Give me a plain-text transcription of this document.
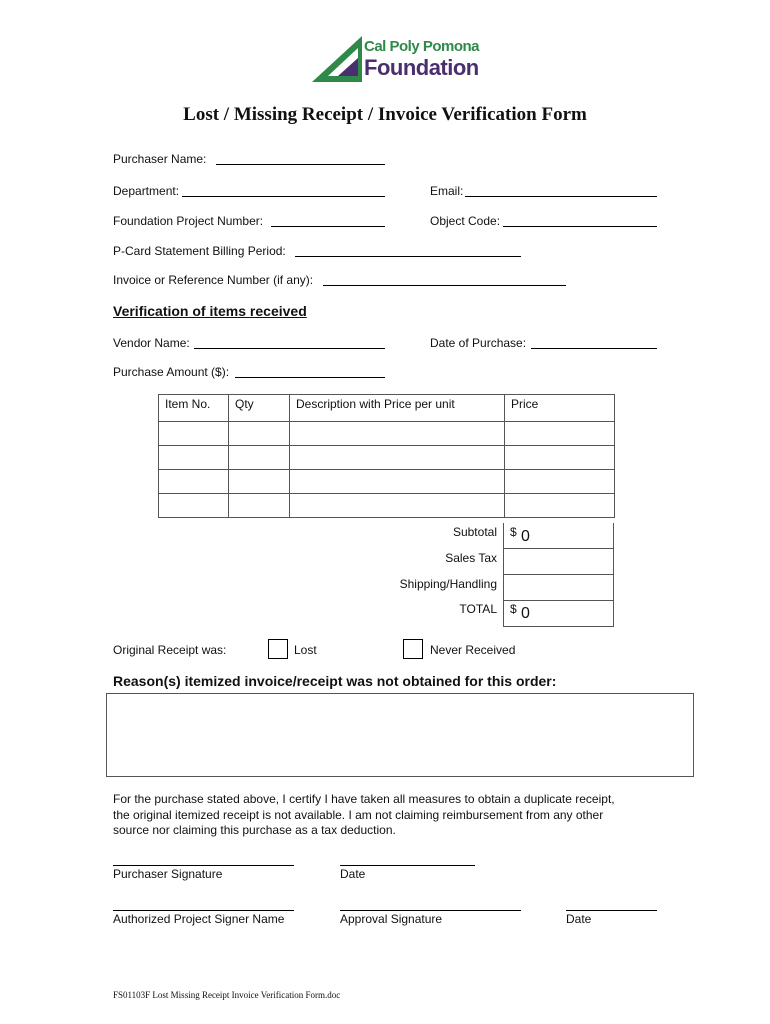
Cal Poly Pomona
Foundation
Lost / Missing Receipt / Invoice Verification Form
Purchaser Name:
Department:	Email:
Foundation Project Number:	Object Code:
P-Card Statement Billing Period:
Invoice or Reference Number (if any):
Verification of items received
Vendor Name:	Date of Purchase:
Purchase Amount ($):
Item No.	Qty	Description with Price per unit	Price

Subtotal $ 0
Sales Tax
Shipping/Handling
TOTAL $ 0
Original Receipt was:	Lost	Never Received
Reason(s) itemized invoice/receipt was not obtained for this order:
For the purchase stated above, I certify I have taken all measures to obtain a duplicate receipt,
the original itemized receipt is not available. I am not claiming reimbursement from any other
source nor claiming this purchase as a tax deduction.
Purchaser Signature	Date
Authorized Project Signer Name	Approval Signature	Date
FS01103F Lost Missing Receipt Invoice Verification Form.doc
